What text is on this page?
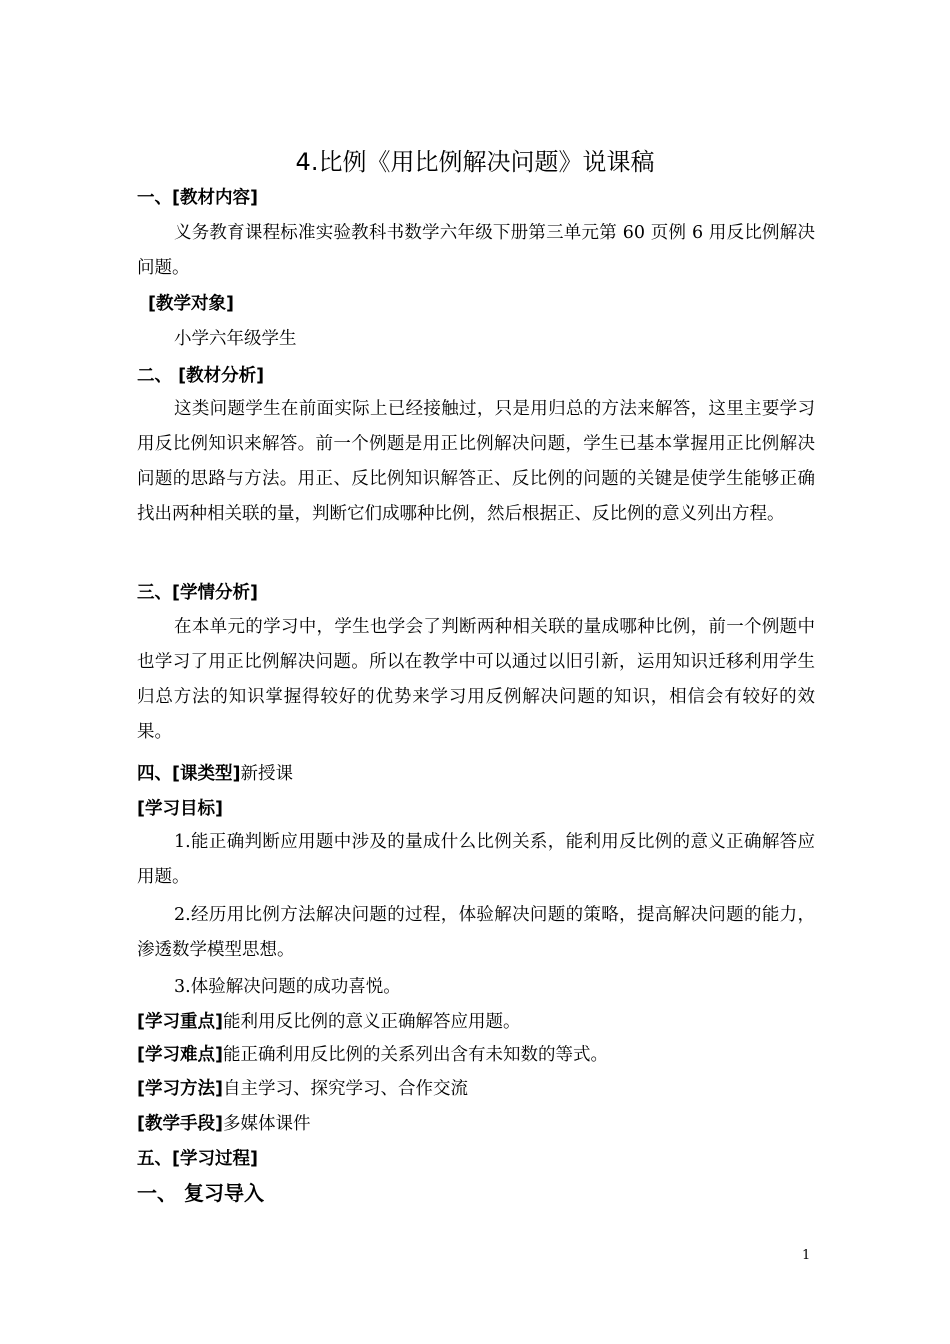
4.比例《用比例解决问题》说课稿
一、[教材内容]
义务教育课程标准实验教科书数学六年级下册第三单元第 60 页例 6 用反比例解决问题。
[教学对象]
小学六年级学生
二、 [教材分析]
这类问题学生在前面实际上已经接触过，只是用归总的方法来解答，这里主要学习用反比例知识来解答。前一个例题是用正比例解决问题，学生已基本掌握用正比例解决问题的思路与方法。用正、反比例知识解答正、反比例的问题的关键是使学生能够正确找出两种相关联的量，判断它们成哪种比例，然后根据正、反比例的意义列出方程。
三、[学情分析]
在本单元的学习中，学生也学会了判断两种相关联的量成哪种比例，前一个例题中也学习了用正比例解决问题。所以在教学中可以通过以旧引新，运用知识迁移利用学生归总方法的知识掌握得较好的优势来学习用反例解决问题的知识，相信会有较好的效果。
四、[课类型]新授课
[学习目标]
1.能正确判断应用题中涉及的量成什么比例关系，能利用反比例的意义正确解答应用题。
2.经历用比例方法解决问题的过程，体验解决问题的策略，提高解决问题的能力，渗透数学模型思想。
3.体验解决问题的成功喜悦。
[学习重点]能利用反比例的意义正确解答应用题。
[学习难点]能正确利用反比例的关系列出含有未知数的等式。
[学习方法]自主学习、探究学习、合作交流
[教学手段]多媒体课件
五、[学习过程]
一、 复习导入
1
